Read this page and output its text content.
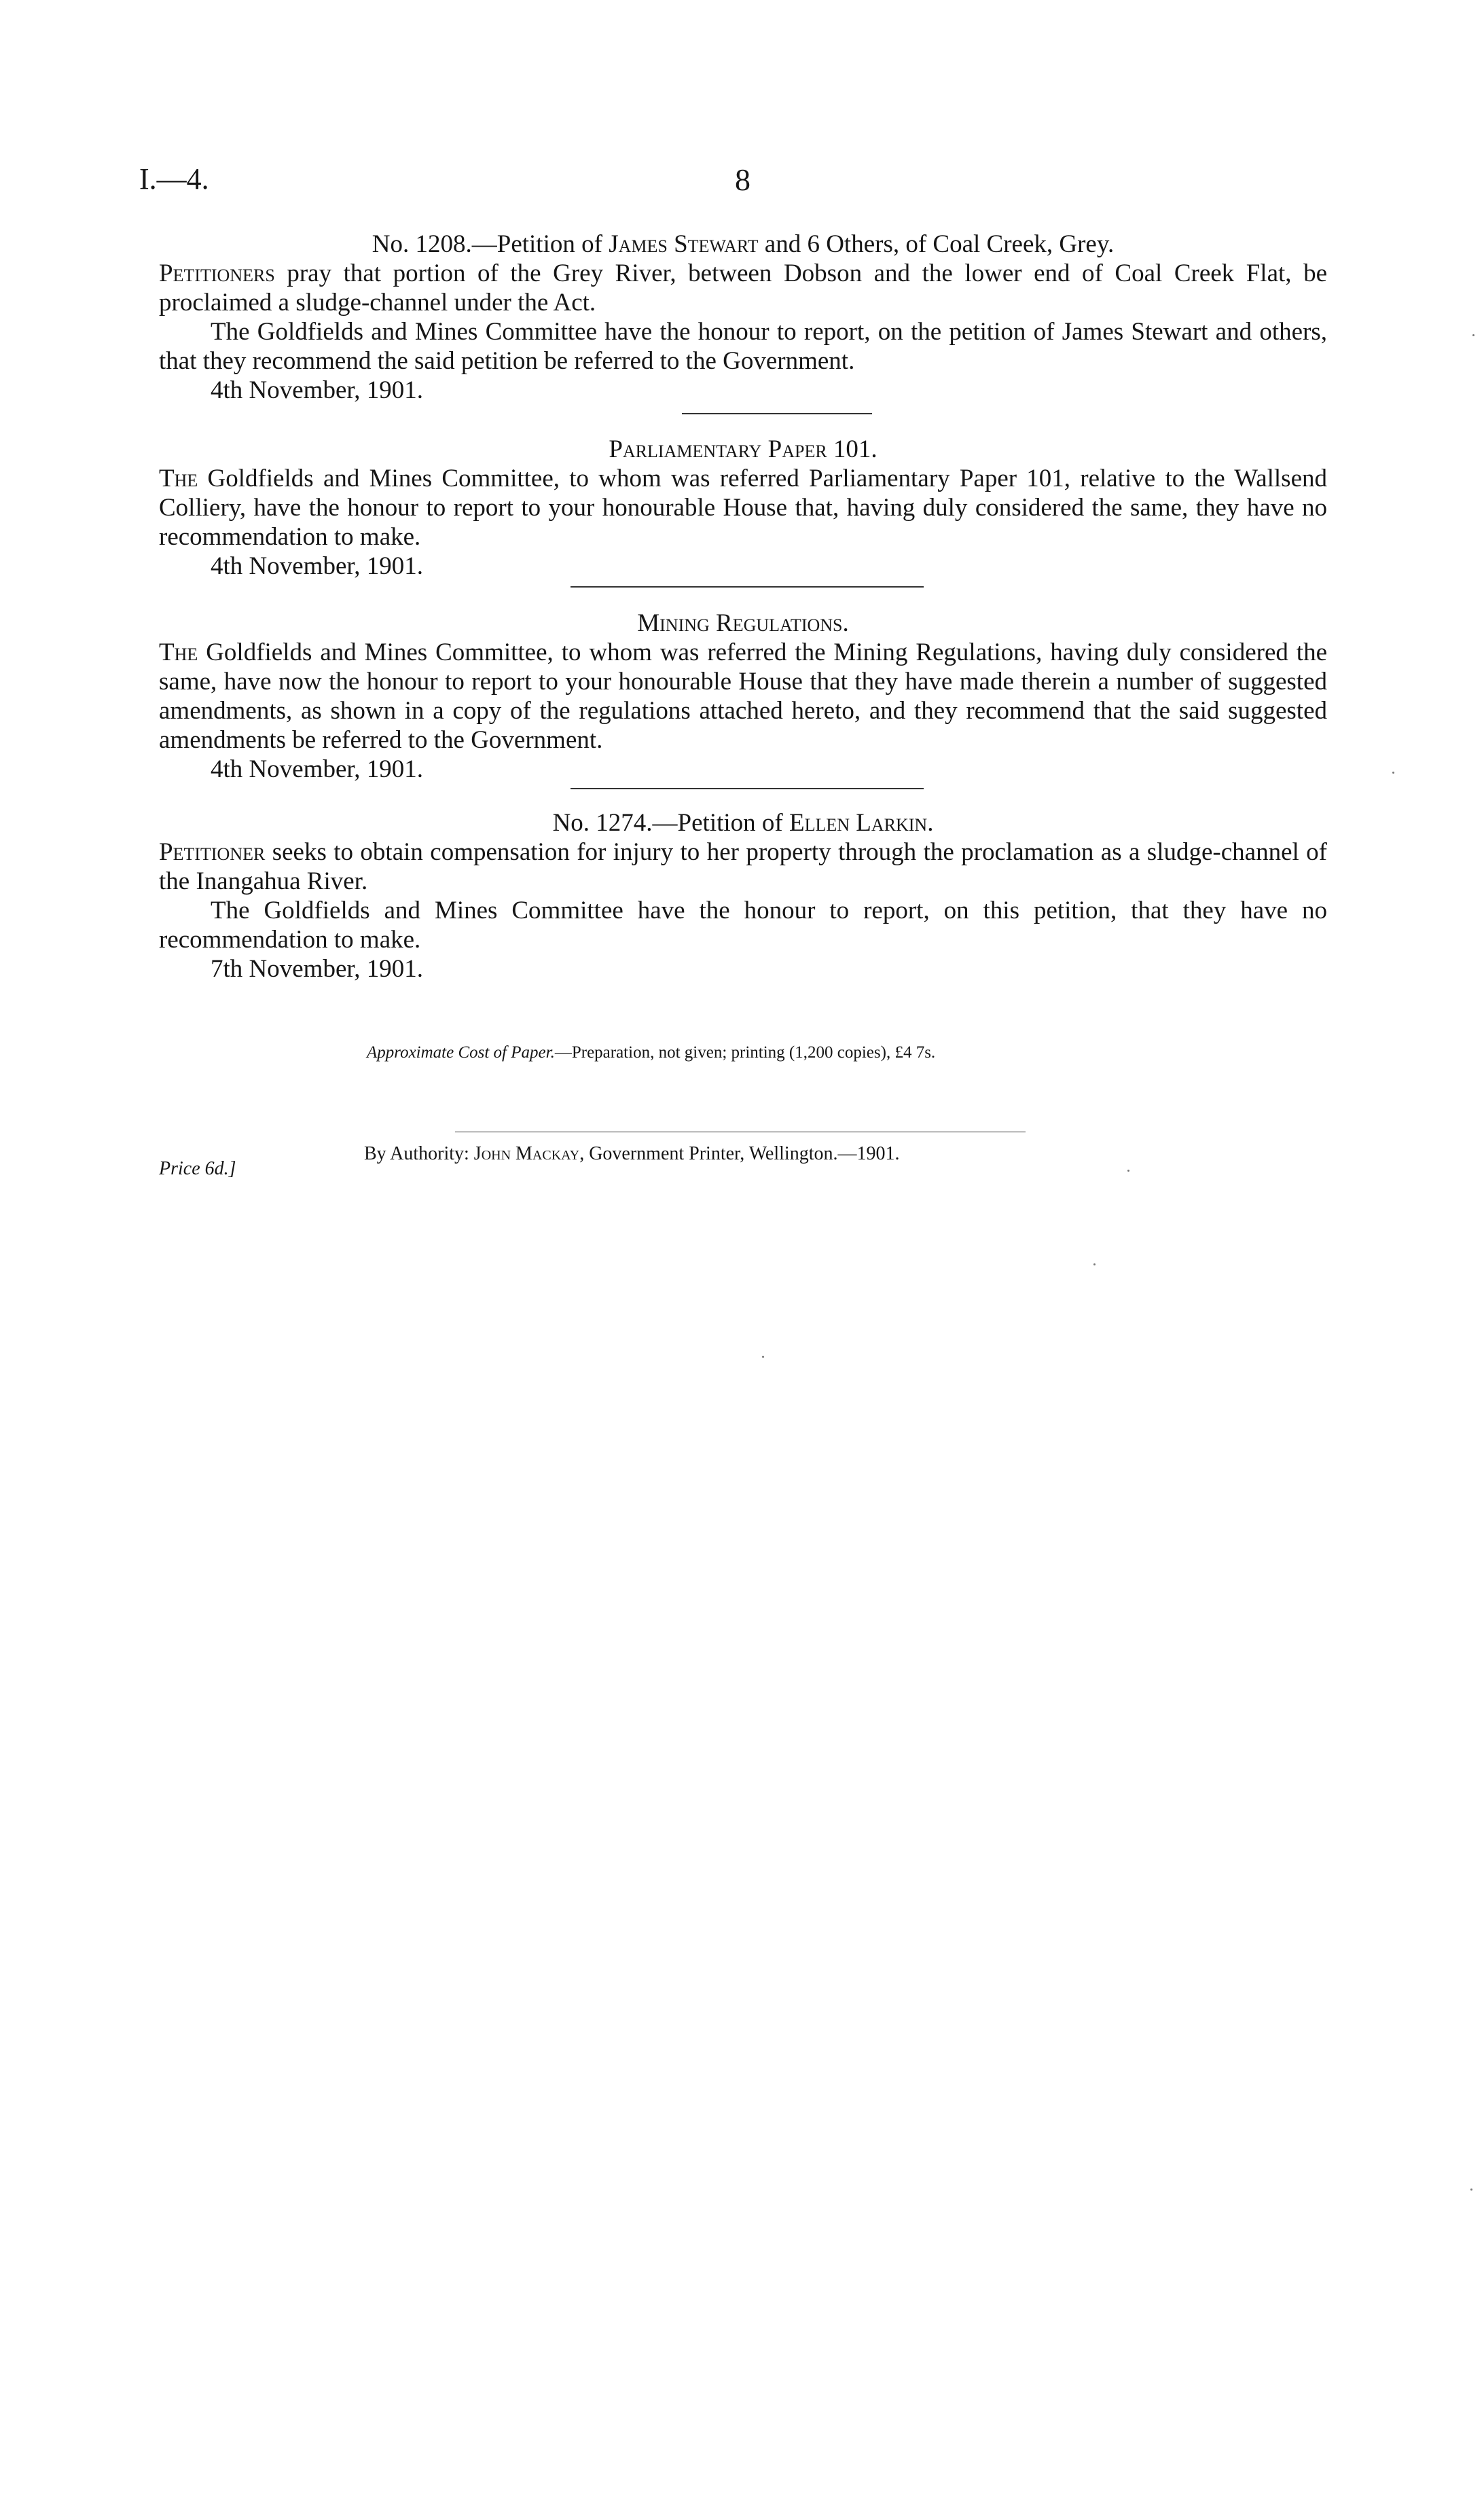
I.—4.	8

No. 1208.—Petition of James Stewart and 6 Others, of Coal Creek, Grey.

Petitioners pray that portion of the Grey River, between Dobson and the lower end of Coal Creek Flat, be proclaimed a sludge-channel under the Act.

The Goldfields and Mines Committee have the honour to report, on the petition of James Stewart and others, that they recommend the said petition be referred to the Government.

4th November, 1901.

Parliamentary Paper 101.

The Goldfields and Mines Committee, to whom was referred Parliamentary Paper 101, relative to the Wallsend Colliery, have the honour to report to your honourable House that, having duly considered the same, they have no recommendation to make.

4th November, 1901.

Mining Regulations.

The Goldfields and Mines Committee, to whom was referred the Mining Regulations, having duly considered the same, have now the honour to report to your honourable House that they have made therein a number of suggested amendments, as shown in a copy of the regulations attached hereto, and they recommend that the said suggested amendments be referred to the Government.

4th November, 1901.

No. 1274.—Petition of Ellen Larkin.

Petitioner seeks to obtain compensation for injury to her property through the proclamation as a sludge-channel of the Inangahua River.

The Goldfields and Mines Committee have the honour to report, on this petition, that they have no recommendation to make.

7th November, 1901.

Approximate Cost of Paper.—Preparation, not given; printing (1,200 copies), £4 7s.
By Authority: John Mackay, Government Printer, Wellington.—1901.
Price 6d.]
